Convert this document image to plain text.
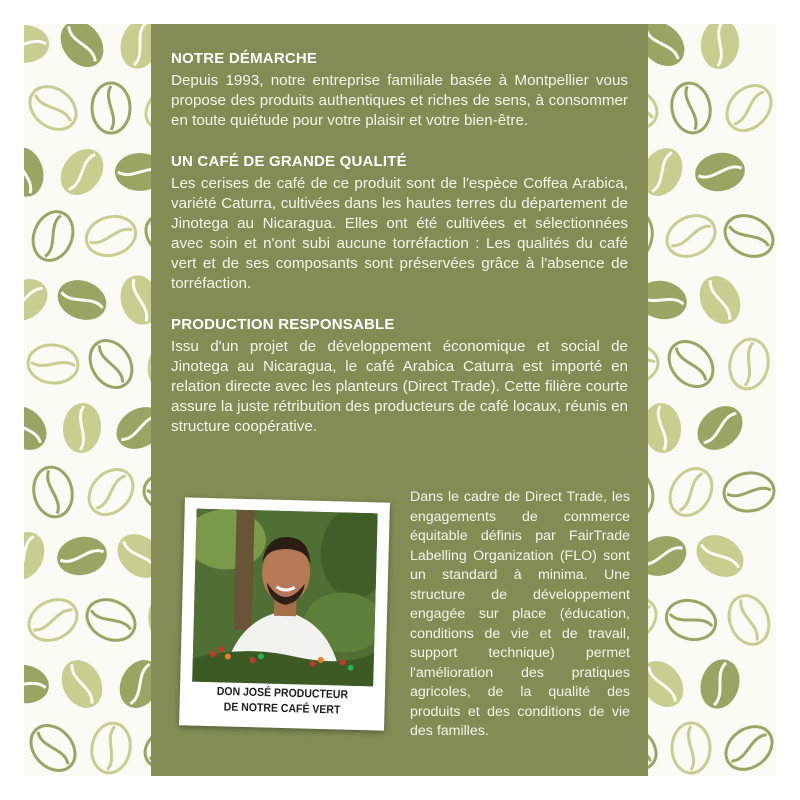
NOTRE DÉMARCHE
Depuis 1993, notre entreprise familiale basée à Montpellier vous propose des produits authentiques et riches de sens, à consommer en toute quiétude pour votre plaisir et votre bien-être.
UN CAFÉ DE GRANDE QUALITÉ
Les cerises de café de ce produit sont de l'espèce Coffea Arabica, variété Caturra, cultivées dans les hautes terres du département de Jinotega au Nicaragua. Elles ont été cultivées et sélectionnées avec soin et n'ont subi aucune torréfaction : Les qualités du café vert et de ses composants sont préservées grâce à l'absence de torréfaction.
PRODUCTION RESPONSABLE
Issu d'un projet de développement économique et social de Jinotega au Nicaragua, le café Arabica Caturra est importé en relation directe avec les planteurs (Direct Trade). Cette filière courte assure la juste rétribution des producteurs de café locaux, réunis en structure coopérative.
DON JOSÉ PRODUCTEUR
DE NOTRE CAFÉ VERT
Dans le cadre de Direct Trade, les engagements de commerce équitable définis par FairTrade Labelling Organization (FLO) sont un standard à minima. Une structure de développement engagée sur place (éducation, conditions de vie et de travail, support technique) permet l'amélioration des pratiques agricoles, de la qualité des produits et des conditions de vie des familles.
